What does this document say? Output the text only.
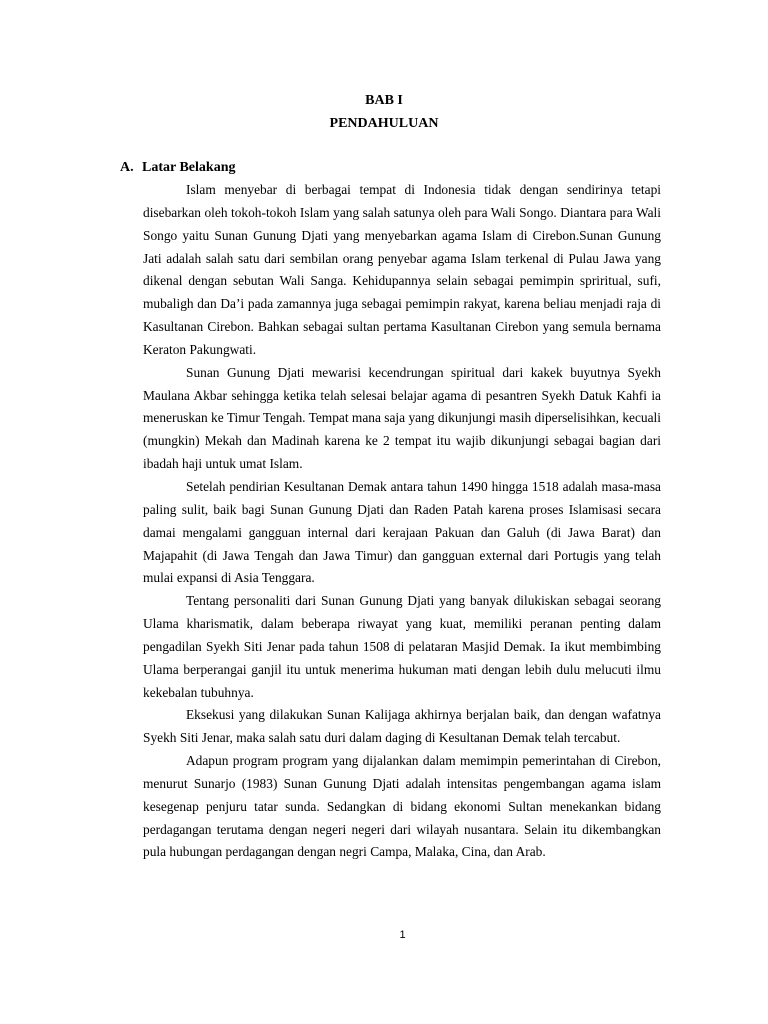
BAB I
PENDAHULUAN
A. Latar Belakang

Islam menyebar di berbagai tempat di Indonesia tidak dengan sendirinya tetapi disebarkan oleh tokoh-tokoh Islam yang salah satunya oleh para Wali Songo. Diantara para Wali Songo yaitu Sunan Gunung Djati yang menyebarkan agama Islam di Cirebon.Sunan Gunung Jati adalah salah satu dari sembilan orang penyebar agama Islam terkenal di Pulau Jawa yang dikenal dengan sebutan Wali Sanga. Kehidupannya selain sebagai pemimpin spriritual, sufi, mubaligh dan Da’i pada zamannya juga sebagai pemimpin rakyat, karena beliau menjadi raja di Kasultanan Cirebon. Bahkan sebagai sultan pertama Kasultanan Cirebon yang semula bernama Keraton Pakungwati.

Sunan Gunung Djati mewarisi kecendrungan spiritual dari kakek buyutnya Syekh Maulana Akbar sehingga ketika telah selesai belajar agama di pesantren Syekh Datuk Kahfi ia meneruskan ke Timur Tengah. Tempat mana saja yang dikunjungi masih diperselisihkan, kecuali (mungkin) Mekah dan Madinah karena ke 2 tempat itu wajib dikunjungi sebagai bagian dari ibadah haji untuk umat Islam.

Setelah pendirian Kesultanan Demak antara tahun 1490 hingga 1518 adalah masa-masa paling sulit, baik bagi Sunan Gunung Djati dan Raden Patah karena proses Islamisasi secara damai mengalami gangguan internal dari kerajaan Pakuan dan Galuh (di Jawa Barat) dan Majapahit (di Jawa Tengah dan Jawa Timur) dan gangguan external dari Portugis yang telah mulai expansi di Asia Tenggara.

Tentang personaliti dari Sunan Gunung Djati yang banyak dilukiskan sebagai seorang Ulama kharismatik, dalam beberapa riwayat yang kuat, memiliki peranan penting dalam pengadilan Syekh Siti Jenar pada tahun 1508 di pelataran Masjid Demak. Ia ikut membimbing Ulama berperangai ganjil itu untuk menerima hukuman mati dengan lebih dulu melucuti ilmu kekebalan tubuhnya.

Eksekusi yang dilakukan Sunan Kalijaga akhirnya berjalan baik, dan dengan wafatnya Syekh Siti Jenar, maka salah satu duri dalam daging di Kesultanan Demak telah tercabut.

Adapun program program yang dijalankan dalam memimpin pemerintahan di Cirebon, menurut Sunarjo (1983) Sunan Gunung Djati adalah intensitas pengembangan agama islam kesegenap penjuru tatar sunda. Sedangkan di bidang ekonomi Sultan menekankan bidang perdagangan terutama dengan negeri negeri dari wilayah nusantara. Selain itu dikembangkan pula hubungan perdagangan dengan negri Campa, Malaka, Cina, dan Arab.

1
